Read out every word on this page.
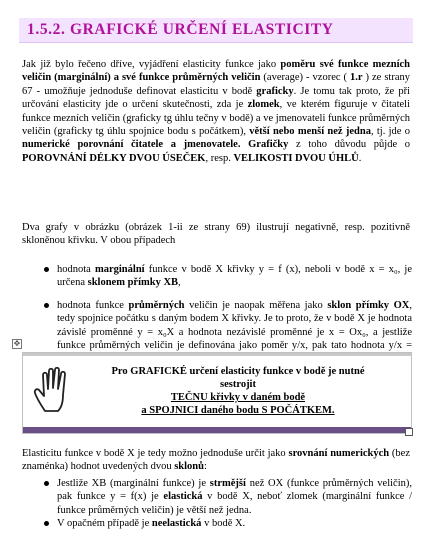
1.5.2. GRAFICKÉ URČENÍ ELASTICITY
Jak již bylo řečeno dříve, vyjádření elasticity funkce jako poměru své funkce mezních veličin (marginální) a své funkce průměrných veličin (average) - vzorec ( 1.r ) ze strany 67 - umožňuje jednoduše definovat elasticitu v bodě graficky. Je tomu tak proto, že při určování elasticity jde o určení skutečnosti, zda je zlomek, ve kterém figuruje v čitateli funkce mezních veličin (graficky tg úhlu tečny v bodě) a ve jmenovateli funkce průměrných veličin (graficky tg úhlu spojnice bodu s počátkem), větší nebo menší než jedna, tj. jde o numerické porovnání čitatele a jmenovatele. Grafičky z toho důvodu půjde o POROVNÁNÍ DÉLKY DVOU ÚSEČEK, resp. VELIKOSTI DVOU ÚHLŮ.
Dva grafy v obrázku (obrázek 1-ii ze strany 69) ilustrují negativně, resp. pozitivně skloněnou křivku. V obou případech
hodnota marginální funkce v bodě X křivky y = f (x), neboli v bodě x = x₀, je určena sklonem přímky XB,
hodnota funkce průměrných veličin je naopak měřena jako sklon přímky OX, tedy spojnice počátku s daným bodem X křivky. Je to proto, že v bodě X je hodnota závislé proměnné y = x₀X a hodnota nezávislé proměnné je x = Ox₀, a jestliže funkce průměrných veličin je definována jako poměr y/x, pak tato hodnota y/x =
✥
Pro GRAFICKÉ určení elasticity funkce v bodě je nutné sestrojit
TEČNU křivky v daném bodě
a SPOJNICI daného bodu S POČÁTKEM.
Elasticitu funkce v bodě X je tedy možno jednoduše určit jako srovnání numerických (bez znaménka) hodnot uvedených dvou sklonů:
Jestliže XB (marginální funkce) je strmější než OX (funkce průměrných veličin), pak funkce y = f(x) je elastická v bodě X, neboť zlomek (marginální funkce / funkce průměrných veličin) je větší než jedna.
V opačném případě je neelastická v bodě X.
